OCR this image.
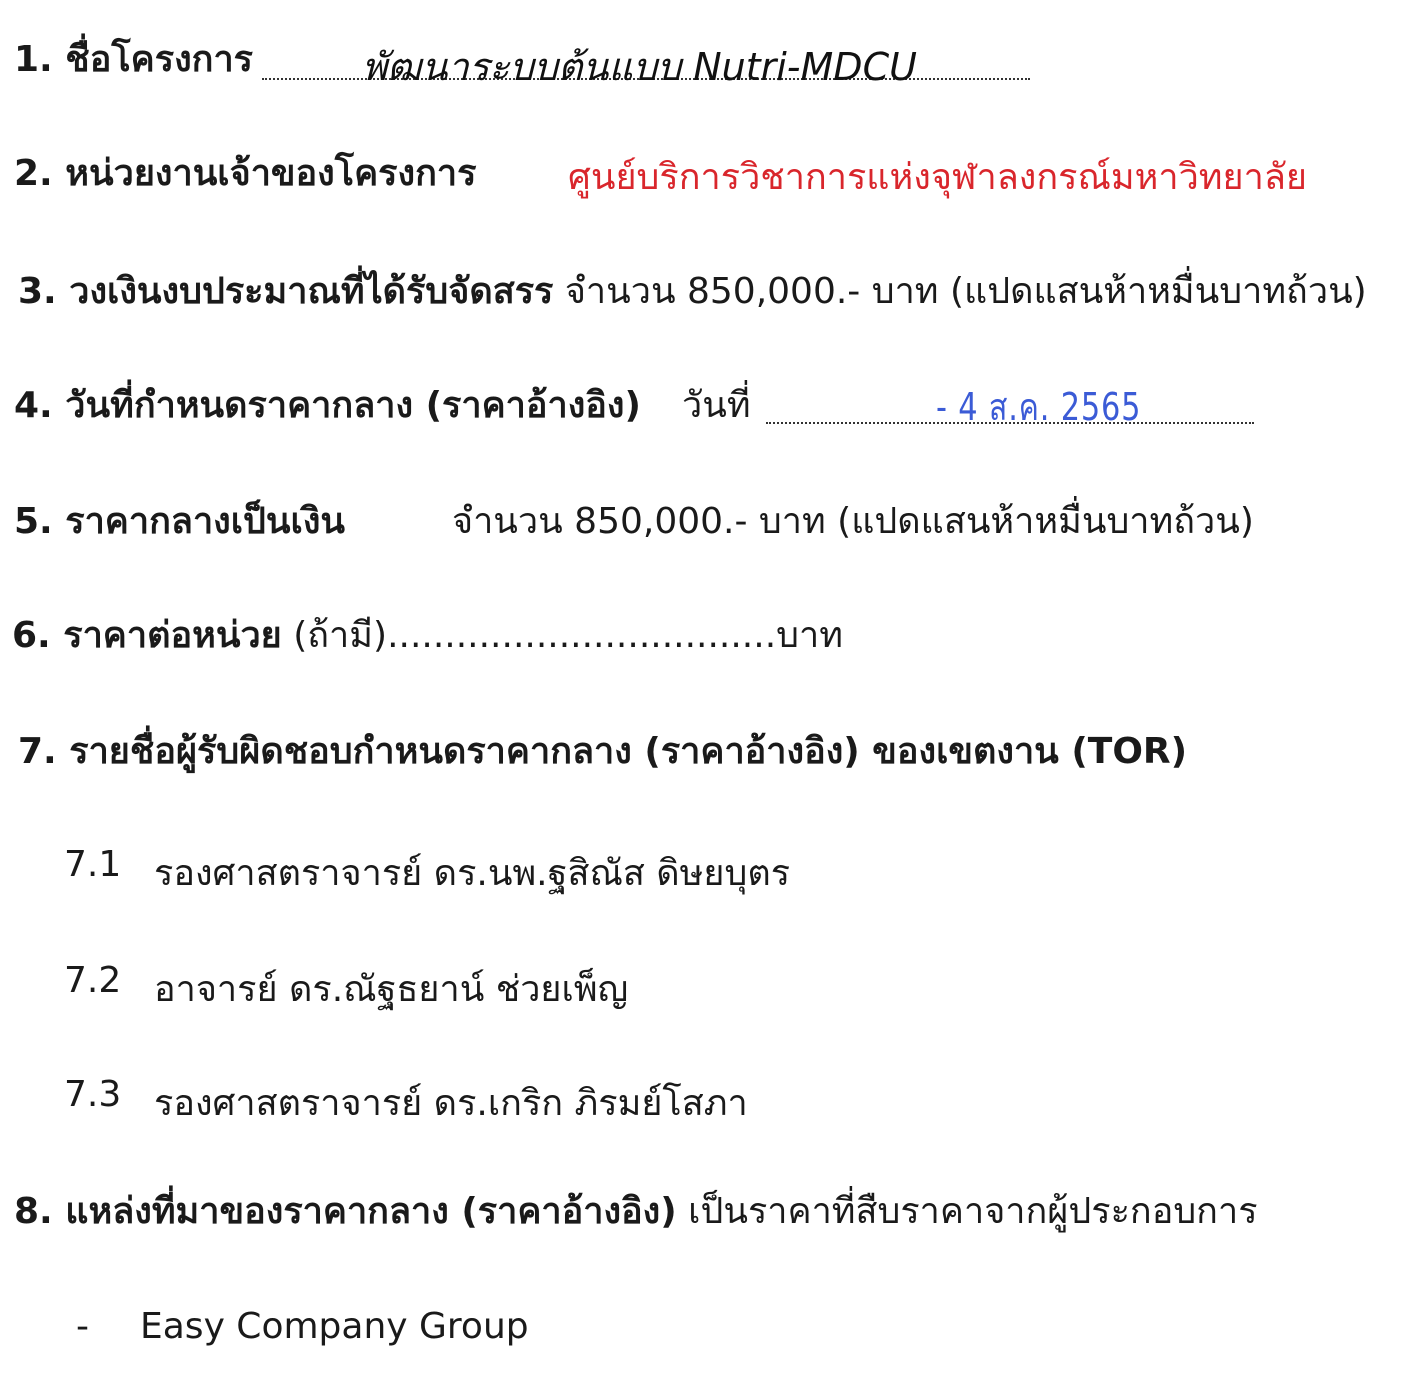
1. ชื่อโครงการ	พัฒนาระบบต้นแบบ Nutri-MDCU
2. หน่วยงานเจ้าของโครงการ	ศูนย์บริการวิชาการแห่งจุฬาลงกรณ์มหาวิทยาลัย
3. วงเงินงบประมาณที่ได้รับจัดสรร จำนวน 850,000.- บาท (แปดแสนห้าหมื่นบาทถ้วน)
4. วันที่กำหนดราคากลาง (ราคาอ้างอิง) วันที่	- 4 ส.ค. 2565
5. ราคากลางเป็นเงิน	จำนวน 850,000.- บาท (แปดแสนห้าหมื่นบาทถ้วน)
6. ราคาต่อหน่วย (ถ้ามี)..................................บาท
7. รายชื่อผู้รับผิดชอบกำหนดราคากลาง (ราคาอ้างอิง) ของเขตงาน (TOR)
7.1 รองศาสตราจารย์ ดร.นพ.ฐสิณัส ดิษยบุตร
7.2 อาจารย์ ดร.ณัฐธยาน์ ช่วยเพ็ญ
7.3 รองศาสตราจารย์ ดร.เกริก ภิรมย์โสภา
8. แหล่งที่มาของราคากลาง (ราคาอ้างอิง) เป็นราคาที่สืบราคาจากผู้ประกอบการ
- Easy Company Group
